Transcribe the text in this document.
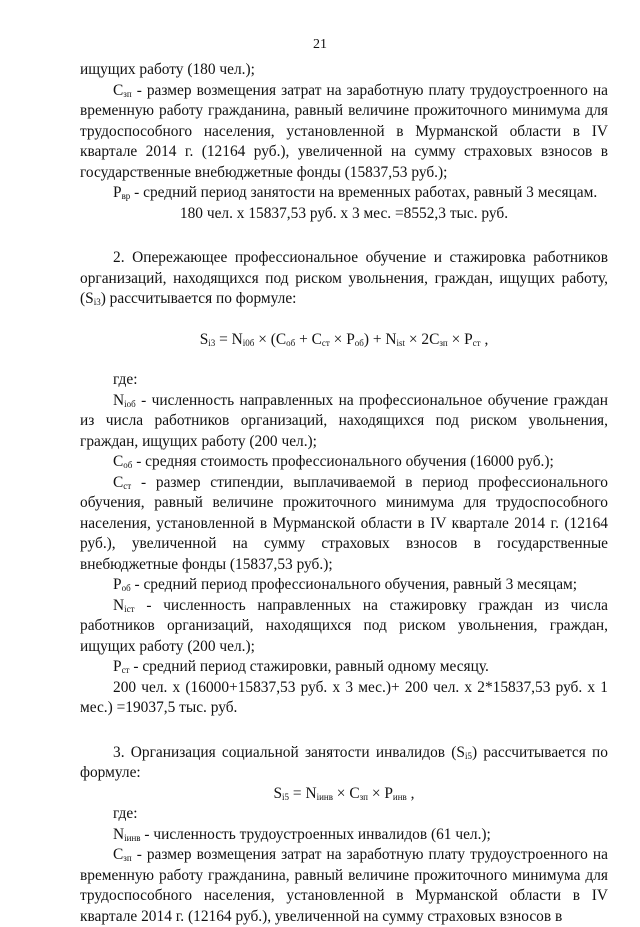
21

ищущих работу (180 чел.);

$С_{зп}$ - размер возмещения затрат на заработную плату трудоустроенного на временную работу гражданина, равный величине прожиточного минимума для трудоспособного населения, установленной в Мурманской области в IV квартале 2014 г. (12164 руб.), увеличенной на сумму страховых взносов в государственные внебюджетные фонды (15837,53 руб.);

$Р_{вр}$ - средний период занятости на временных работах, равный 3 месяцам.

180 чел. х 15837,53 руб. х 3 мес. =8552,3 тыс. руб.

2. Опережающее профессиональное обучение и стажировка работников организаций, находящихся под риском увольнения, граждан, ищущих работу, $(S_{i3})$ рассчитывается по формуле:

$S_{i3} = N_{i0б} \times (С_{об} + С_{ст} \times Р_{об}) + N_{ist} \times 2С_{зп} \times Р_{ст}$ ,

где:

$N_{iоб}$ - численность направленных на профессиональное обучение граждан из числа работников организаций, находящихся под риском увольнения, граждан, ищущих работу (200 чел.);

$С_{об}$ - средняя стоимость профессионального обучения (16000 руб.);

$С_{ст}$ - размер стипендии, выплачиваемой в период профессионального обучения, равный величине прожиточного минимума для трудоспособного населения, установленной в Мурманской области в IV квартале 2014 г. (12164 руб.), увеличенной на сумму страховых взносов в государственные внебюджетные фонды (15837,53 руб.);

$Р_{об}$ - средний период профессионального обучения, равный 3 месяцам;

$N_{iст}$ - численность направленных на стажировку граждан из числа работников организаций, находящихся под риском увольнения, граждан, ищущих работу (200 чел.);

$Р_{ст}$ - средний период стажировки, равный одному месяцу.

200 чел. х (16000+15837,53 руб. х 3 мес.)+ 200 чел. х 2*15837,53 руб. х 1 мес.) =19037,5 тыс. руб.

3. Организация социальной занятости инвалидов $(S_{i5})$ рассчитывается по формуле:

$S_{i5} = N_{iинв} \times С_{зп} \times Р_{инв}$ ,

где:

$N_{iинв}$ - численность трудоустроенных инвалидов (61 чел.);

$С_{зп}$ - размер возмещения затрат на заработную плату трудоустроенного на временную работу гражданина, равный величине прожиточного минимума для трудоспособного населения, установленной в Мурманской области в IV квартале 2014 г. (12164 руб.), увеличенной на сумму страховых взносов в
